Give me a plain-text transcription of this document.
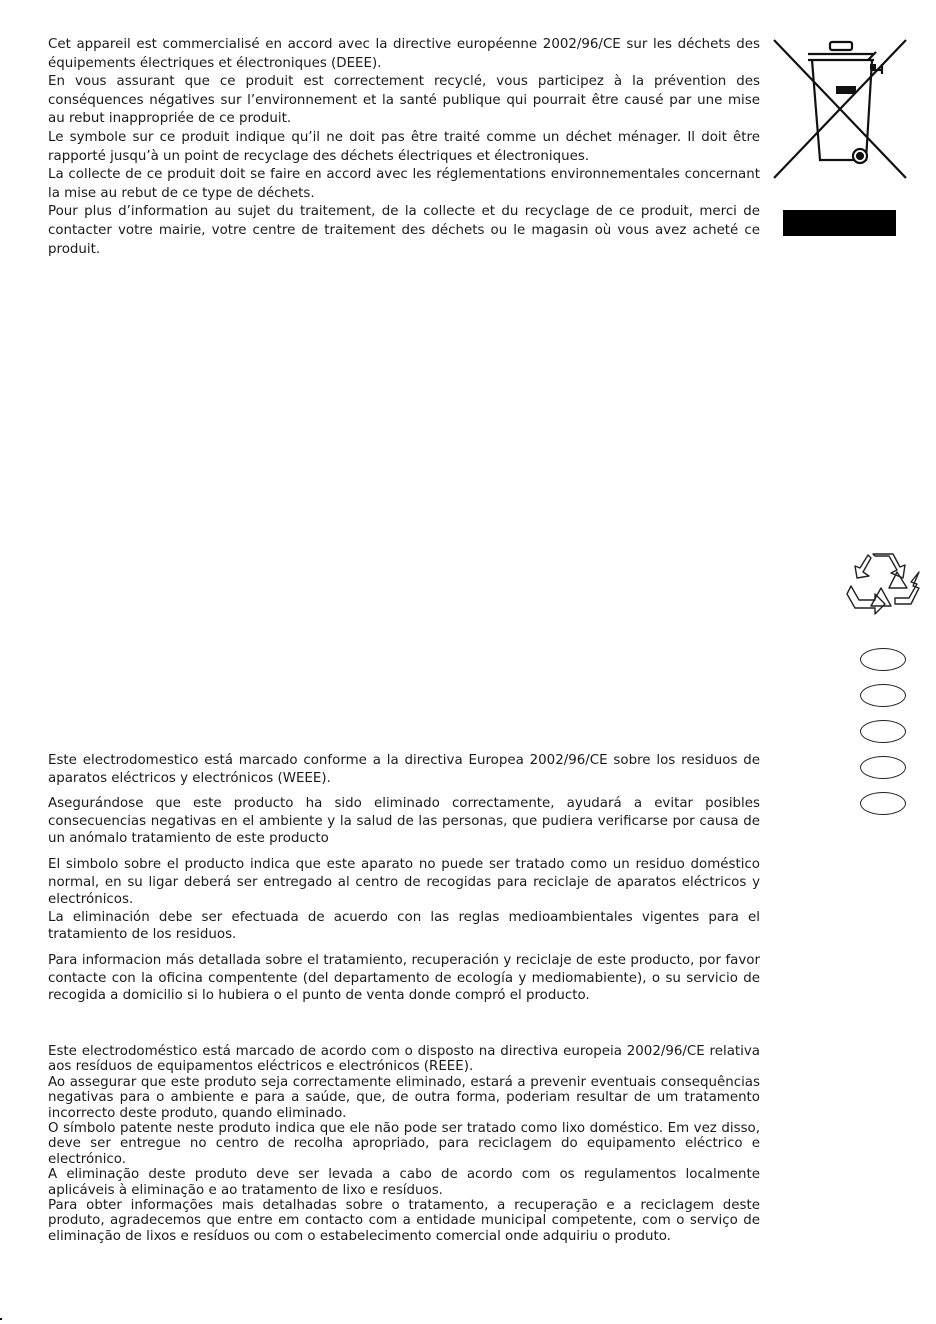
Cet appareil est commercialisé en accord avec la directive européenne 2002/96/CE sur les déchets des équipements électriques et électroniques (DEEE).

En vous assurant que ce produit est correctement recyclé, vous participez à la prévention des conséquences négatives sur l’environnement et la santé publique qui pourrait être causé par une mise au rebut inappropriée de ce produit.

Le symbole sur ce produit indique qu’il ne doit pas être traité comme un déchet ménager. Il doit être rapporté jusqu’à un point de recyclage des déchets électriques et électroniques.

La collecte de ce produit doit se faire en accord avec les réglementations environnementales concernant la mise au rebut de ce type de déchets.

Pour plus d’information au sujet du traitement, de la collecte et du recyclage de ce produit, merci de contacter votre mairie, votre centre de traitement des déchets ou le magasin où vous avez acheté ce produit.

Este electrodomestico está marcado conforme a la directiva Europea 2002/96/CE sobre los residuos de aparatos eléctricos y electrónicos (WEEE).

Asegurándose que este producto ha sido eliminado correctamente, ayudará a evitar posibles consecuencias negativas en el ambiente y la salud de las personas, que pudiera verificarse por causa de un anómalo tratamiento de este producto

El simbolo sobre el producto indica que este aparato no puede ser tratado como un residuo doméstico normal, en su ligar deberá ser entregado al centro de recogidas para reciclaje de aparatos eléctricos y electrónicos.

La eliminación debe ser efectuada de acuerdo con las reglas medioambientales vigentes para el tratamiento de los residuos.

Para informacion más detallada sobre el tratamiento, recuperación y reciclaje de este producto, por favor contacte con la oficina compentente (del departamento de ecología y mediomabiente), o su servicio de recogida a domicilio si lo hubiera o el punto de venta donde compró el producto.

Este electrodoméstico está marcado de acordo com o disposto na directiva europeia 2002/96/CE relativa aos resíduos de equipamentos eléctricos e electrónicos (REEE).

Ao assegurar que este produto seja correctamente eliminado, estará a prevenir eventuais consequências negativas para o ambiente e para a saúde, que, de outra forma, poderiam resultar de um tratamento incorrecto deste produto, quando eliminado.

O símbolo patente neste produto indica que ele não pode ser tratado como lixo doméstico. Em vez disso, deve ser entregue no centro de recolha apropriado, para reciclagem do equipamento eléctrico e electrónico.

A eliminação deste produto deve ser levada a cabo de acordo com os regulamentos localmente aplicáveis à eliminação e ao tratamento de lixo e resíduos.

Para obter informações mais detalhadas sobre o tratamento, a recuperação e a reciclagem deste produto, agradecemos que entre em contacto com a entidade municipal competente, com o serviço de eliminação de lixos e resíduos ou com o estabelecimento comercial onde adquiriu o produto.
